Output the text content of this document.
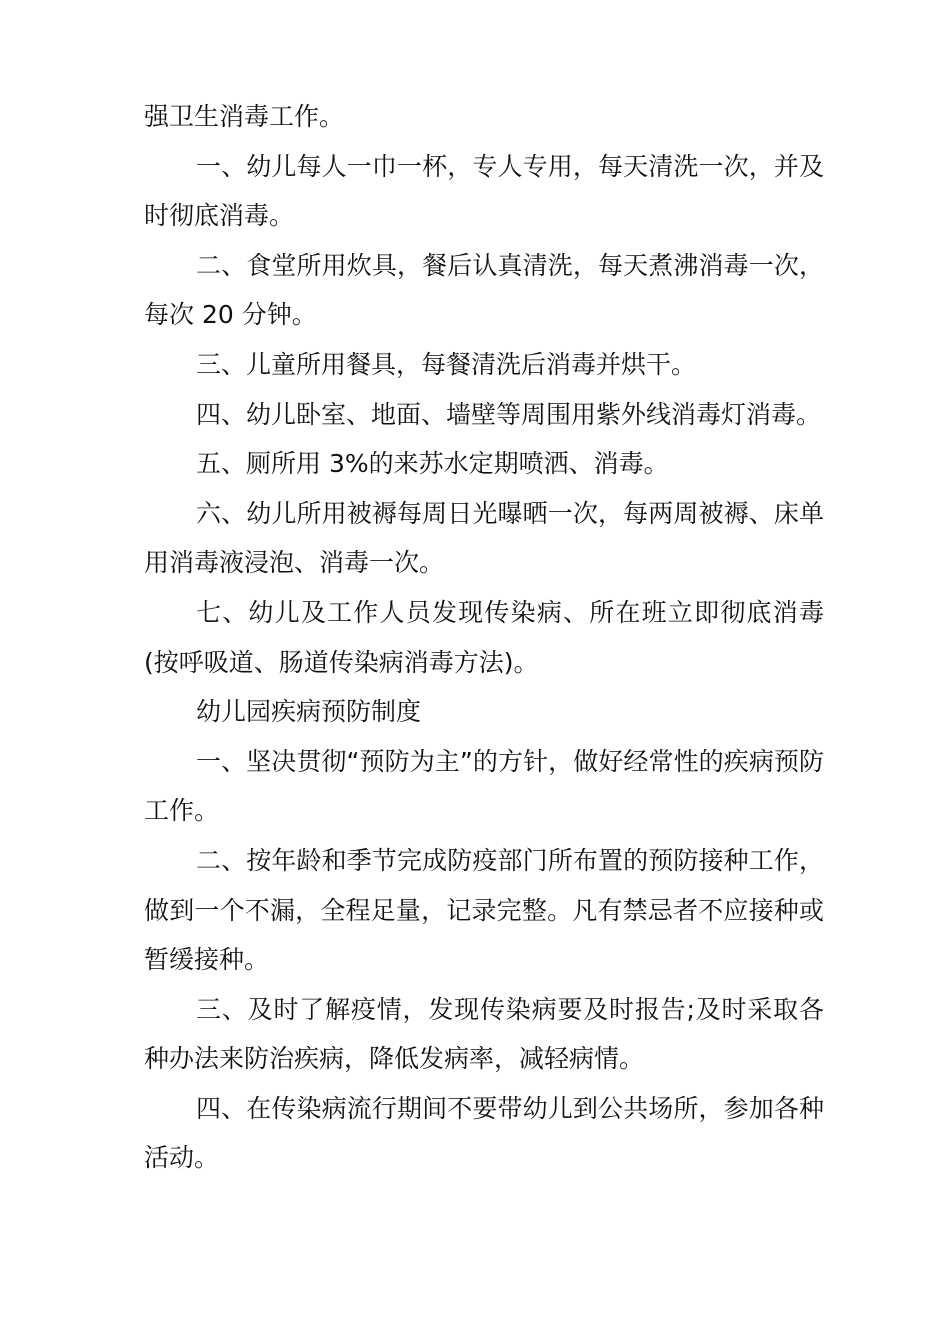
强卫生消毒工作。

一、幼儿每人一巾一杯，专人专用，每天清洗一次，并及时彻底消毒。

二、食堂所用炊具，餐后认真清洗，每天煮沸消毒一次，每次 20 分钟。

三、儿童所用餐具，每餐清洗后消毒并烘干。

四、幼儿卧室、地面、墙壁等周围用紫外线消毒灯消毒。

五、厕所用 3%的来苏水定期喷洒、消毒。

六、幼儿所用被褥每周日光曝晒一次，每两周被褥、床单用消毒液浸泡、消毒一次。

七、幼儿及工作人员发现传染病、所在班立即彻底消毒(按呼吸道、肠道传染病消毒方法)。

幼儿园疾病预防制度

一、坚决贯彻“预防为主”的方针，做好经常性的疾病预防工作。

二、按年龄和季节完成防疫部门所布置的预防接种工作，做到一个不漏，全程足量，记录完整。凡有禁忌者不应接种或暂缓接种。

三、及时了解疫情，发现传染病要及时报告;及时采取各种办法来防治疾病，降低发病率，减轻病情。

四、在传染病流行期间不要带幼儿到公共场所，参加各种活动。
